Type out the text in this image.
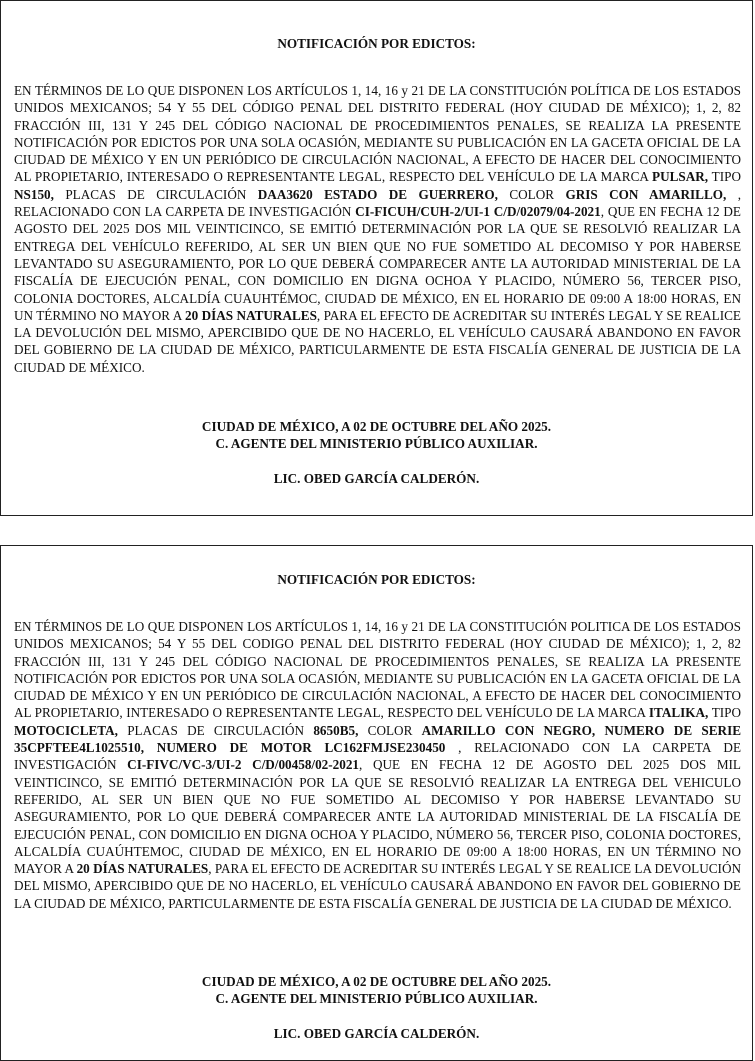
NOTIFICACIÓN POR EDICTOS:

EN TÉRMINOS DE LO QUE DISPONEN LOS ARTÍCULOS 1, 14, 16 y 21 DE LA CONSTITUCIÓN POLÍTICA DE LOS ESTADOS UNIDOS MEXICANOS; 54 Y 55 DEL CÓDIGO PENAL DEL DISTRITO FEDERAL (HOY CIUDAD DE MÉXICO); 1, 2, 82 FRACCIÓN III, 131 Y 245 DEL CÓDIGO NACIONAL DE PROCEDIMIENTOS PENALES, SE REALIZA LA PRESENTE NOTIFICACIÓN POR EDICTOS POR UNA SOLA OCASIÓN, MEDIANTE SU PUBLICACIÓN EN LA GACETA OFICIAL DE LA CIUDAD DE MÉXICO Y EN UN PERIÓDICO DE CIRCULACIÓN NACIONAL, A EFECTO DE HACER DEL CONOCIMIENTO AL PROPIETARIO, INTERESADO O REPRESENTANTE LEGAL, RESPECTO DEL VEHÍCULO DE LA MARCA PULSAR, TIPO NS150, PLACAS DE CIRCULACIÓN DAA3620 ESTADO DE GUERRERO, COLOR GRIS CON AMARILLO, , RELACIONADO CON LA CARPETA DE INVESTIGACIÓN CI-FICUH/CUH-2/UI-1 C/D/02079/04-2021, QUE EN FECHA 12 DE AGOSTO DEL 2025 DOS MIL VEINTICINCO, SE EMITIÓ DETERMINACIÓN POR LA QUE SE RESOLVIÓ REALIZAR LA ENTREGA DEL VEHÍCULO REFERIDO, AL SER UN BIEN QUE NO FUE SOMETIDO AL DECOMISO Y POR HABERSE LEVANTADO SU ASEGURAMIENTO, POR LO QUE DEBERÁ COMPARECER ANTE LA AUTORIDAD MINISTERIAL DE LA FISCALÍA DE EJECUCIÓN PENAL, CON DOMICILIO EN DIGNA OCHOA Y PLACIDO, NÚMERO 56, TERCER PISO, COLONIA DOCTORES, ALCALDÍA CUAUHTÉMOC, CIUDAD DE MÉXICO, EN EL HORARIO DE 09:00 A 18:00 HORAS, EN UN TÉRMINO NO MAYOR A 20 DÍAS NATURALES, PARA EL EFECTO DE ACREDITAR SU INTERÉS LEGAL Y SE REALICE LA DEVOLUCIÓN DEL MISMO, APERCIBIDO QUE DE NO HACERLO, EL VEHÍCULO CAUSARÁ ABANDONO EN FAVOR DEL GOBIERNO DE LA CIUDAD DE MÉXICO, PARTICULARMENTE DE ESTA FISCALÍA GENERAL DE JUSTICIA DE LA CIUDAD DE MÉXICO.

CIUDAD DE MÉXICO, A 02 DE OCTUBRE DEL AÑO 2025.
C. AGENTE DEL MINISTERIO PÚBLICO AUXILIAR.
LIC. OBED GARCÍA CALDERÓN.

NOTIFICACIÓN POR EDICTOS:

EN TÉRMINOS DE LO QUE DISPONEN LOS ARTÍCULOS 1, 14, 16 y 21 DE LA CONSTITUCIÓN POLITICA DE LOS ESTADOS UNIDOS MEXICANOS; 54 Y 55 DEL CODIGO PENAL DEL DISTRITO FEDERAL (HOY CIUDAD DE MÉXICO); 1, 2, 82 FRACCIÓN III, 131 Y 245 DEL CÓDIGO NACIONAL DE PROCEDIMIENTOS PENALES, SE REALIZA LA PRESENTE NOTIFICACIÓN POR EDICTOS POR UNA SOLA OCASIÓN, MEDIANTE SU PUBLICACIÓN EN LA GACETA OFICIAL DE LA CIUDAD DE MÉXICO Y EN UN PERIÓDICO DE CIRCULACIÓN NACIONAL, A EFECTO DE HACER DEL CONOCIMIENTO AL PROPIETARIO, INTERESADO O REPRESENTANTE LEGAL, RESPECTO DEL VEHÍCULO DE LA MARCA ITALIKA, TIPO MOTOCICLETA, PLACAS DE CIRCULACIÓN 8650B5, COLOR AMARILLO CON NEGRO, NUMERO DE SERIE 35CPFTEE4L1025510, NUMERO DE MOTOR LC162FMJSE230450 , RELACIONADO CON LA CARPETA DE INVESTIGACIÓN CI-FIVC/VC-3/UI-2 C/D/00458/02-2021, QUE EN FECHA 12 DE AGOSTO DEL 2025 DOS MIL VEINTICINCO, SE EMITIÓ DETERMINACIÓN POR LA QUE SE RESOLVIÓ REALIZAR LA ENTREGA DEL VEHICULO REFERIDO, AL SER UN BIEN QUE NO FUE SOMETIDO AL DECOMISO Y POR HABERSE LEVANTADO SU ASEGURAMIENTO, POR LO QUE DEBERÁ COMPARECER ANTE LA AUTORIDAD MINISTERIAL DE LA FISCALÍA DE EJECUCIÓN PENAL, CON DOMICILIO EN DIGNA OCHOA Y PLACIDO, NÚMERO 56, TERCER PISO, COLONIA DOCTORES, ALCALDÍA CUAÚHTEMOC, CIUDAD DE MÉXICO, EN EL HORARIO DE 09:00 A 18:00 HORAS, EN UN TÉRMINO NO MAYOR A 20 DÍAS NATURALES, PARA EL EFECTO DE ACREDITAR SU INTERÉS LEGAL Y SE REALICE LA DEVOLUCIÓN DEL MISMO, APERCIBIDO QUE DE NO HACERLO, EL VEHÍCULO CAUSARÁ ABANDONO EN FAVOR DEL GOBIERNO DE LA CIUDAD DE MÉXICO, PARTICULARMENTE DE ESTA FISCALÍA GENERAL DE JUSTICIA DE LA CIUDAD DE MÉXICO.

CIUDAD DE MÉXICO, A 02 DE OCTUBRE DEL AÑO 2025.
C. AGENTE DEL MINISTERIO PÚBLICO AUXILIAR.
LIC. OBED GARCÍA CALDERÓN.
